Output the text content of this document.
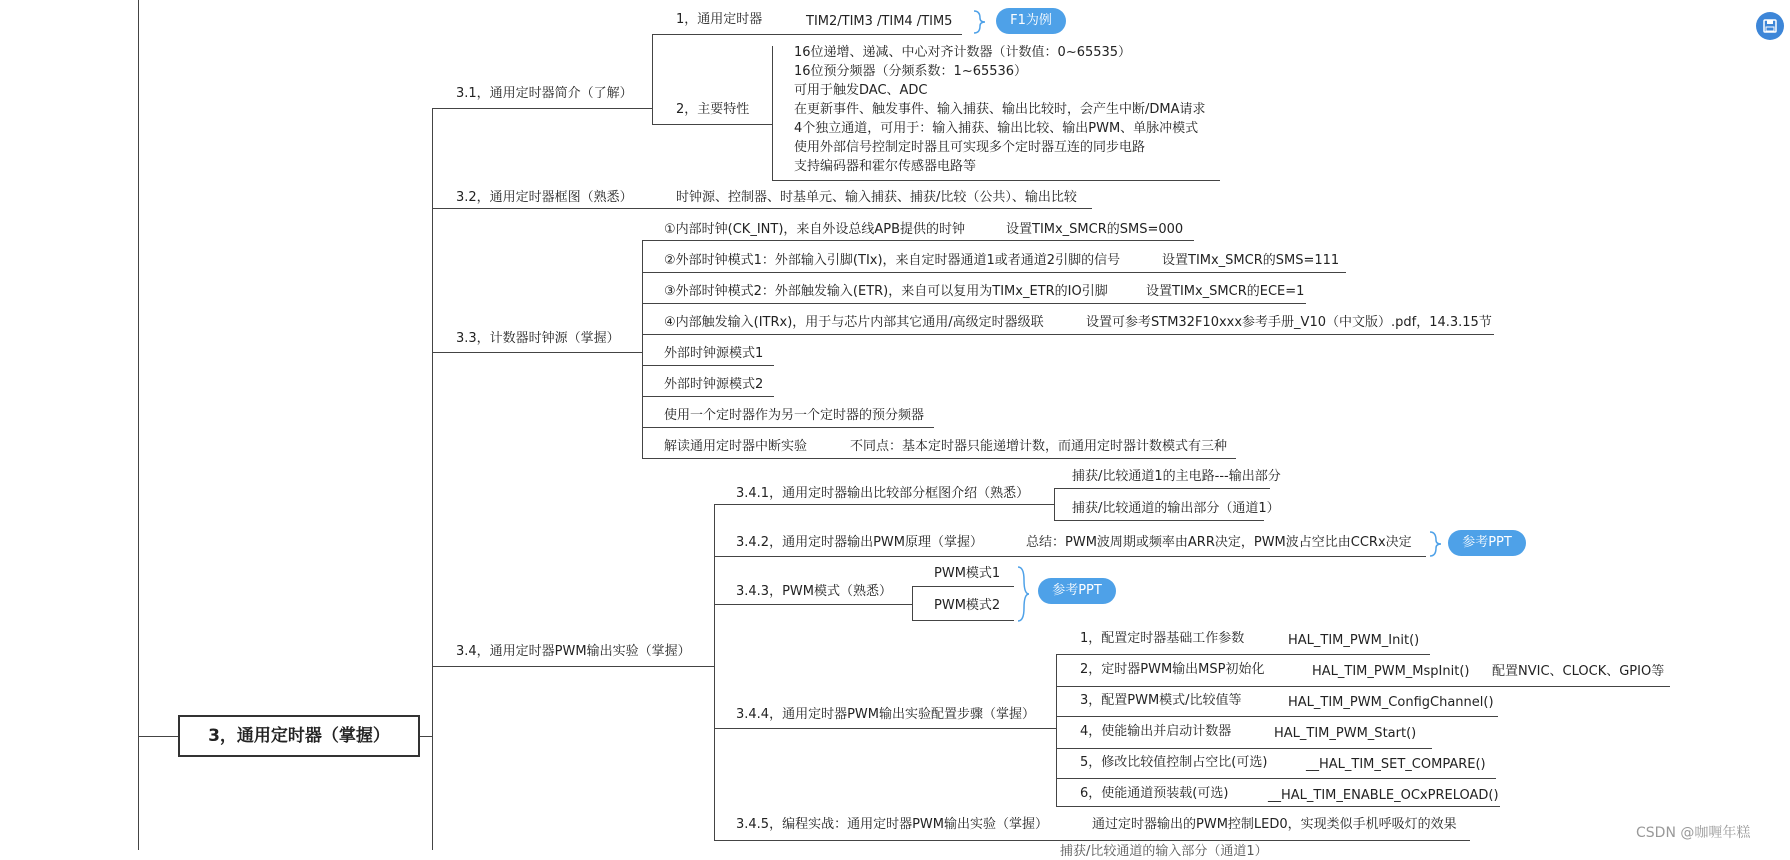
3，通用定时器（掌握）
3.1，通用定时器简介（了解）
1，通用定时器	TIM2/TIM3 /TIM4 /TIM5	F1为例
2，主要特性
16位递增、递减、中心对齐计数器（计数值：0~65535）
16位预分频器（分频系数：1~65536）
可用于触发DAC、ADC
在更新事件、触发事件、输入捕获、输出比较时，会产生中断/DMA请求
4个独立通道，可用于：输入捕获、输出比较、输出PWM、单脉冲模式
使用外部信号控制定时器且可实现多个定时器互连的同步电路
支持编码器和霍尔传感器电路等
3.2，通用定时器框图（熟悉）	时钟源、控制器、时基单元、输入捕获、捕获/比较（公共）、输出比较
3.3，计数器时钟源（掌握）
①内部时钟(CK_INT)，来自外设总线APB提供的时钟	设置TIMx_SMCR的SMS=000
②外部时钟模式1：外部输入引脚(TIx)，来自定时器通道1或者通道2引脚的信号	设置TIMx_SMCR的SMS=111
③外部时钟模式2：外部触发输入(ETR)，来自可以复用为TIMx_ETR的IO引脚	设置TIMx_SMCR的ECE=1
④内部触发输入(ITRx)，用于与芯片内部其它通用/高级定时器级联	设置可参考STM32F10xxx参考手册_V10（中文版）.pdf，14.3.15节
外部时钟源模式1
外部时钟源模式2
使用一个定时器作为另一个定时器的预分频器
解读通用定时器中断实验	不同点：基本定时器只能递增计数，而通用定时器计数模式有三种
3.4，通用定时器PWM输出实验（掌握）
3.4.1，通用定时器输出比较部分框图介绍（熟悉）
捕获/比较通道1的主电路---输出部分
捕获/比较通道的输出部分（通道1）
3.4.2，通用定时器输出PWM原理（掌握）	总结：PWM波周期或频率由ARR决定，PWM波占空比由CCRx决定	参考PPT
3.4.3，PWM模式（熟悉）
PWM模式1
PWM模式2
参考PPT
3.4.4，通用定时器PWM输出实验配置步骤（掌握）
1，配置定时器基础工作参数	HAL_TIM_PWM_Init()
2，定时器PWM输出MSP初始化	HAL_TIM_PWM_MspInit() 配置NVIC、CLOCK、GPIO等
3，配置PWM模式/比较值等	HAL_TIM_PWM_ConfigChannel()
4，使能输出并启动计数器	HAL_TIM_PWM_Start()
5，修改比较值控制占空比(可选)	__HAL_TIM_SET_COMPARE()
6，使能通道预装载(可选)	__HAL_TIM_ENABLE_OCxPRELOAD()
3.4.5，编程实战：通用定时器PWM输出实验（掌握）	通过定时器输出的PWM控制LED0，实现类似手机呼吸灯的效果
捕获/比较通道的输入部分（通道1）
CSDN @咖喱年糕
